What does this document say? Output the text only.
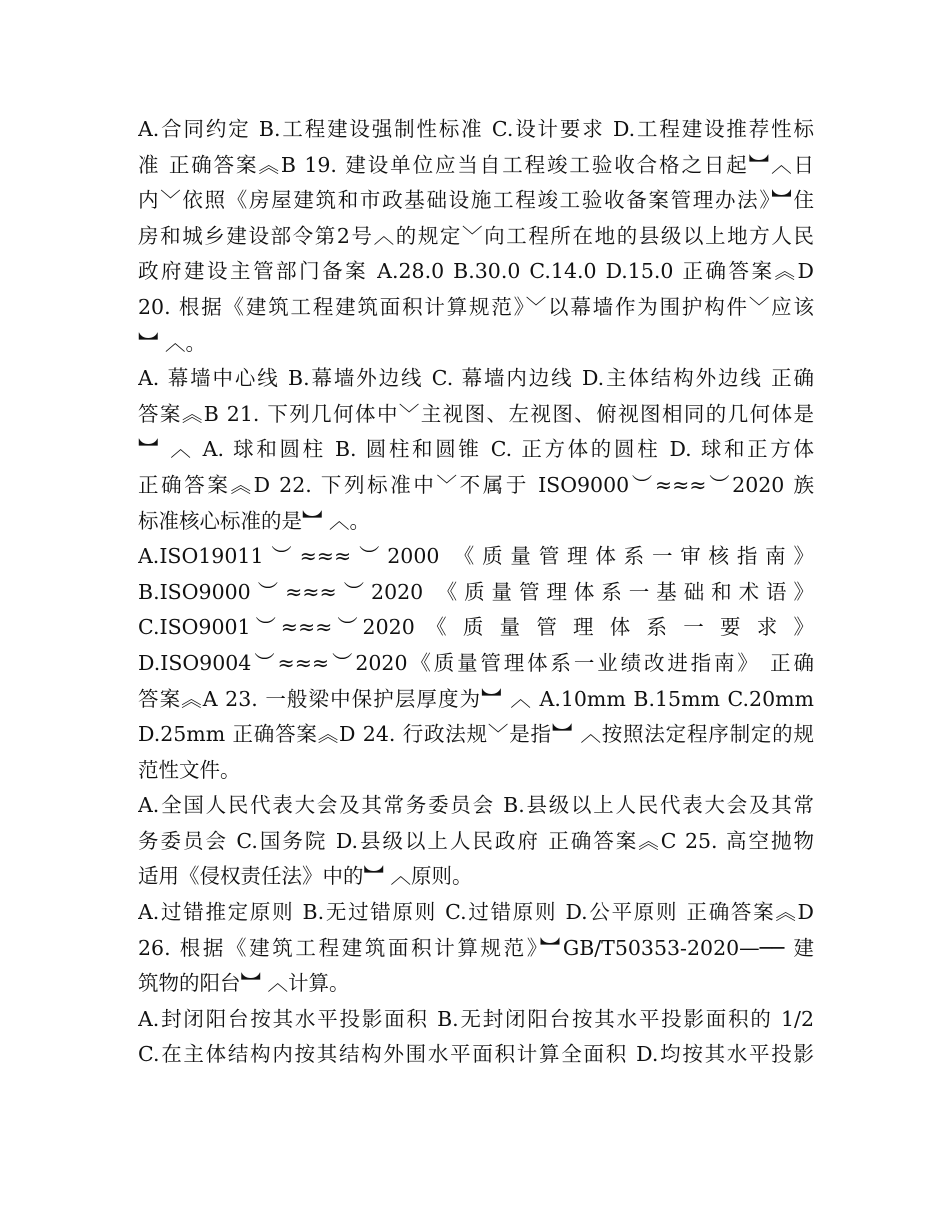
A.合同约定 B.工程建设强制性标准 C.设计要求 D.工程建设推荐性标
准 正确答案︽B 19. 建设单位应当自工程竣工验收合格之日起︼︿日
内﹀依照《房屋建筑和市政基础设施工程竣工验收备案管理办法》︼住
房和城乡建设部令第2号︿的规定﹀向工程所在地的县级以上地方人民
政府建设主管部门备案 A.28.0 B.30.0 C.14.0 D.15.0 正确答案︽D
20. 根据《建筑工程建筑面积计算规范》﹀以幕墙作为围护构件﹀应该
︼ ︿。
A. 幕墙中心线 B.幕墙外边线 C. 幕墙内边线 D.主体结构外边线 正确
答案︽B 21. 下列几何体中﹀主视图、左视图、俯视图相同的几何体是
︼ ︿ A. 球和圆柱 B. 圆柱和圆锥 C. 正方体的圆柱 D. 球和正方体
正确答案︽D 22. 下列标准中﹀不属于 ISO9000︶≈≈≈︶2020 族
标准核心标准的是︼ ︿。
A.ISO19011︶≈≈≈︶2000 《质量管理体系一审核指南》
B.ISO9000︶≈≈≈︶2020 《质量管理体系一基础和术语》
C.ISO9001︶≈≈≈︶2020 《 质 量 管 理 体 系 一 要 求 》
D.ISO9004︶≈≈≈︶2020《质量管理体系一业绩改进指南》 正确
答案︽A 23. 一般梁中保护层厚度为︼ ︿ A.10mm B.15mm C.20mm
D.25mm 正确答案︽D 24. 行政法规﹀是指︼ ︿按照法定程序制定的规
范性文件。
A.全国人民代表大会及其常务委员会 B.县级以上人民代表大会及其常
务委员会 C.国务院 D.县级以上人民政府 正确答案︽C 25. 高空抛物
适用《侵权责任法》中的︼ ︿原则。
A.过错推定原则 B.无过错原则 C.过错原则 D.公平原则 正确答案︽D
26. 根据《建筑工程建筑面积计算规范》︼GB/T50353-2020—── 建
筑物的阳台︼ ︿计算。
A.封闭阳台按其水平投影面积 B.无封闭阳台按其水平投影面积的 1/2
C.在主体结构内按其结构外围水平面积计算全面积 D.均按其水平投影
